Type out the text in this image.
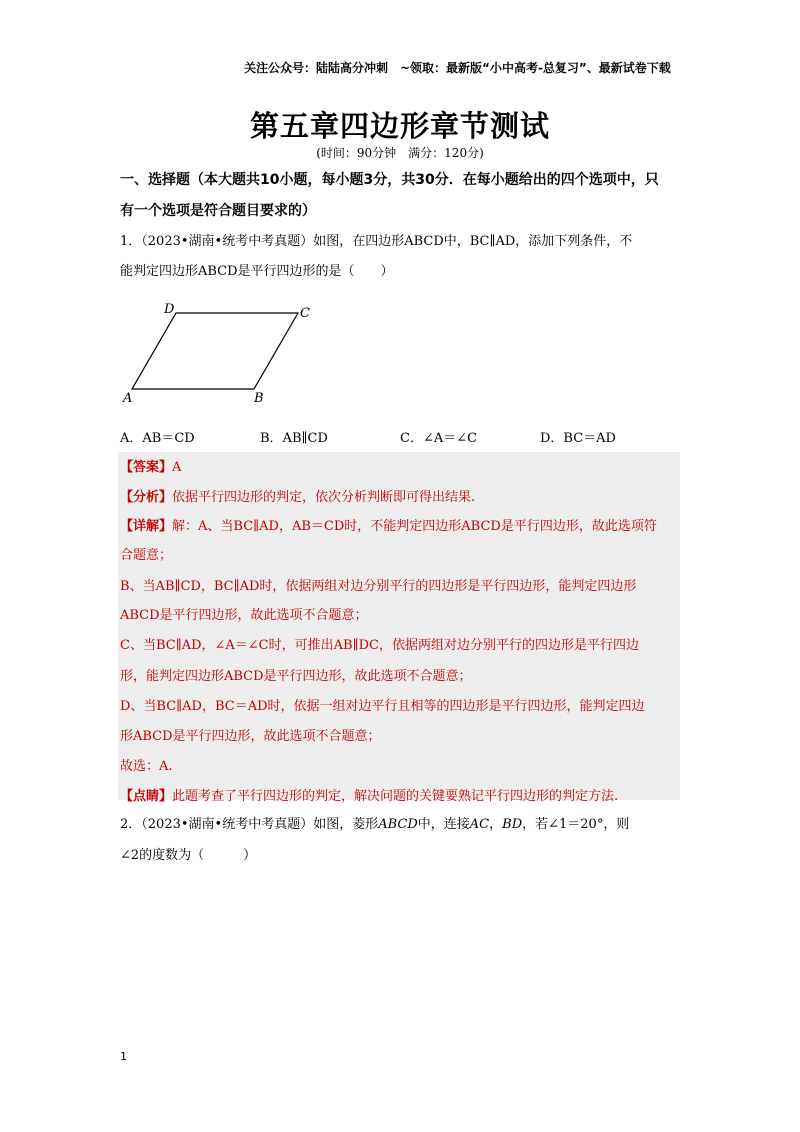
关注公众号：陆陆高分冲刺　~领取：最新版“小中高考-总复习”、最新试卷下载
第五章四边形章节测试
(时间：90分钟　满分：120分)
一、选择题（本大题共10小题，每小题3分，共30分．在每小题给出的四个选项中，只
有一个选项是符合题目要求的）
1．（2023•湖南•统考中考真题）如图，在四边形ABCD中，BC∥AD，添加下列条件，不
能判定四边形ABCD是平行四边形的是（　　）
D	C
A	B
A．AB＝CD	B．AB∥CD	C．∠A＝∠C	D．BC＝AD
【答案】A
【分析】依据平行四边形的判定，依次分析判断即可得出结果.
【详解】解：A、当BC∥AD，AB＝CD时，不能判定四边形ABCD是平行四边形，故此选项符
合题意；
B、当AB∥CD，BC∥AD时，依据两组对边分别平行的四边形是平行四边形，能判定四边形
ABCD是平行四边形，故此选项不合题意；
C、当BC∥AD，∠A＝∠C时，可推出AB∥DC，依据两组对边分别平行的四边形是平行四边
形，能判定四边形ABCD是平行四边形，故此选项不合题意；
D、当BC∥AD，BC＝AD时，依据一组对边平行且相等的四边形是平行四边形，能判定四边
形ABCD是平行四边形，故此选项不合题意；
故选：A.
【点睛】此题考查了平行四边形的判定，解决问题的关键要熟记平行四边形的判定方法.
2．（2023•湖南•统考中考真题）如图，菱形ABCD中，连接AC，BD，若∠1＝20°，则
∠2的度数为（　　　）
1
